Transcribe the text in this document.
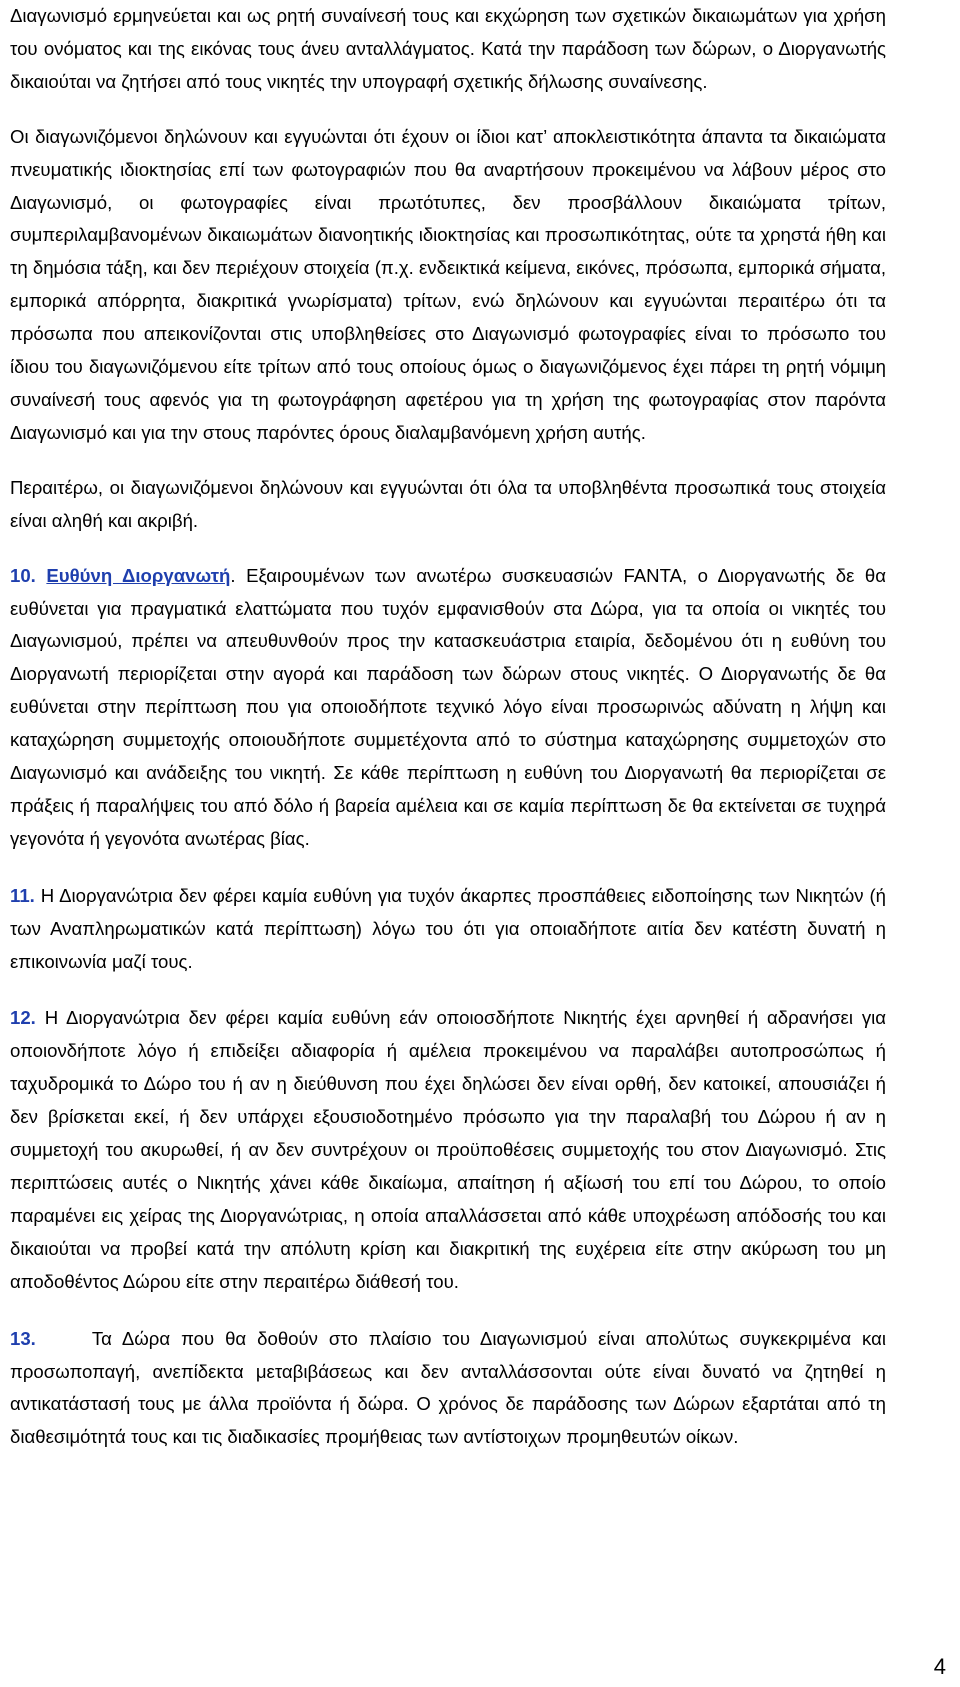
Διαγωνισμό ερμηνεύεται και ως ρητή συναίνεσή τους και εκχώρηση των σχετικών δικαιωμάτων για χρήση του ονόματος και της εικόνας τους άνευ ανταλλάγματος. Κατά την παράδοση των δώρων, ο Διοργανωτής δικαιούται να ζητήσει από τους νικητές την υπογραφή σχετικής δήλωσης συναίνεσης.

Οι διαγωνιζόμενοι δηλώνουν και εγγυώνται ότι έχουν οι ίδιοι κατ’ αποκλειστικότητα άπαντα τα δικαιώματα πνευματικής ιδιοκτησίας επί των φωτογραφιών που θα αναρτήσουν προκειμένου να λάβουν μέρος στο Διαγωνισμό, οι φωτογραφίες είναι πρωτότυπες, δεν προσβάλλουν δικαιώματα τρίτων, συμπεριλαμβανομένων δικαιωμάτων διανοητικής ιδιοκτησίας και προσωπικότητας, ούτε τα χρηστά ήθη και τη δημόσια τάξη, και δεν περιέχουν στοιχεία (π.χ. ενδεικτικά κείμενα, εικόνες, πρόσωπα, εμπορικά σήματα, εμπορικά απόρρητα, διακριτικά γνωρίσματα) τρίτων, ενώ δηλώνουν και εγγυώνται περαιτέρω ότι τα πρόσωπα που απεικονίζονται στις υποβληθείσες στο Διαγωνισμό φωτογραφίες είναι το πρόσωπο του ίδιου του διαγωνιζόμενου είτε τρίτων από τους οποίους όμως ο διαγωνιζόμενος έχει πάρει τη ρητή νόμιμη συναίνεσή τους αφενός για τη φωτογράφηση αφετέρου για τη χρήση της φωτογραφίας στον παρόντα Διαγωνισμό και για την στους παρόντες όρους διαλαμβανόμενη χρήση αυτής.

Περαιτέρω, οι διαγωνιζόμενοι δηλώνουν και εγγυώνται ότι όλα τα υποβληθέντα προσωπικά τους στοιχεία είναι αληθή και ακριβή.

10. Ευθύνη Διοργανωτή. Εξαιρουμένων των ανωτέρω συσκευασιών FANTA, ο Διοργανωτής δε θα ευθύνεται για πραγματικά ελαττώματα που τυχόν εμφανισθούν στα Δώρα, για τα οποία οι νικητές του Διαγωνισμού, πρέπει να απευθυνθούν προς την κατασκευάστρια εταιρία, δεδομένου ότι η ευθύνη του Διοργανωτή περιορίζεται στην αγορά και παράδοση των δώρων στους νικητές. Ο Διοργανωτής δε θα ευθύνεται στην περίπτωση που για οποιοδήποτε τεχνικό λόγο είναι προσωρινώς αδύνατη η λήψη και καταχώρηση συμμετοχής οποιουδήποτε συμμετέχοντα από το σύστημα καταχώρησης συμμετοχών στο Διαγωνισμό και ανάδειξης του νικητή. Σε κάθε περίπτωση η ευθύνη του Διοργανωτή θα περιορίζεται σε πράξεις ή παραλήψεις του από δόλο ή βαρεία αμέλεια και σε καμία περίπτωση δε θα εκτείνεται σε τυχηρά γεγονότα ή γεγονότα ανωτέρας βίας.

11. Η Διοργανώτρια δεν φέρει καμία ευθύνη για τυχόν άκαρπες προσπάθειες ειδοποίησης των Νικητών (ή των Αναπληρωματικών κατά περίπτωση) λόγω του ότι για οποιαδήποτε αιτία δεν κατέστη δυνατή η επικοινωνία μαζί τους.

12. Η Διοργανώτρια δεν φέρει καμία ευθύνη εάν οποιοσδήποτε Νικητής έχει αρνηθεί ή αδρανήσει για οποιονδήποτε λόγο ή επιδείξει αδιαφορία ή αμέλεια προκειμένου να παραλάβει αυτοπροσώπως ή ταχυδρομικά το Δώρο του ή αν η διεύθυνση που έχει δηλώσει δεν είναι ορθή, δεν κατοικεί, απουσιάζει ή δεν βρίσκεται εκεί, ή δεν υπάρχει εξουσιοδοτημένο πρόσωπο για την παραλαβή του Δώρου ή αν η συμμετοχή του ακυρωθεί, ή αν δεν συντρέχουν οι προϋποθέσεις συμμετοχής του στον Διαγωνισμό. Στις περιπτώσεις αυτές ο Νικητής χάνει κάθε δικαίωμα, απαίτηση ή αξίωσή του επί του Δώρου, το οποίο παραμένει εις χείρας της Διοργανώτριας, η οποία απαλλάσσεται από κάθε υποχρέωση απόδοσής του και δικαιούται να προβεί κατά την απόλυτη κρίση και διακριτική της ευχέρεια είτε στην ακύρωση του μη αποδοθέντος Δώρου είτε στην περαιτέρω διάθεσή του.

13.	Τα Δώρα που θα δοθούν στο πλαίσιο του Διαγωνισμού είναι απολύτως συγκεκριμένα και προσωποπαγή, ανεπίδεκτα μεταβιβάσεως και δεν ανταλλάσσονται ούτε είναι δυνατό να ζητηθεί η αντικατάστασή τους με άλλα προϊόντα ή δώρα. Ο χρόνος δε παράδοσης των Δώρων εξαρτάται από τη διαθεσιμότητά τους και τις διαδικασίες προμήθειας των αντίστοιχων προμηθευτών οίκων.

4
